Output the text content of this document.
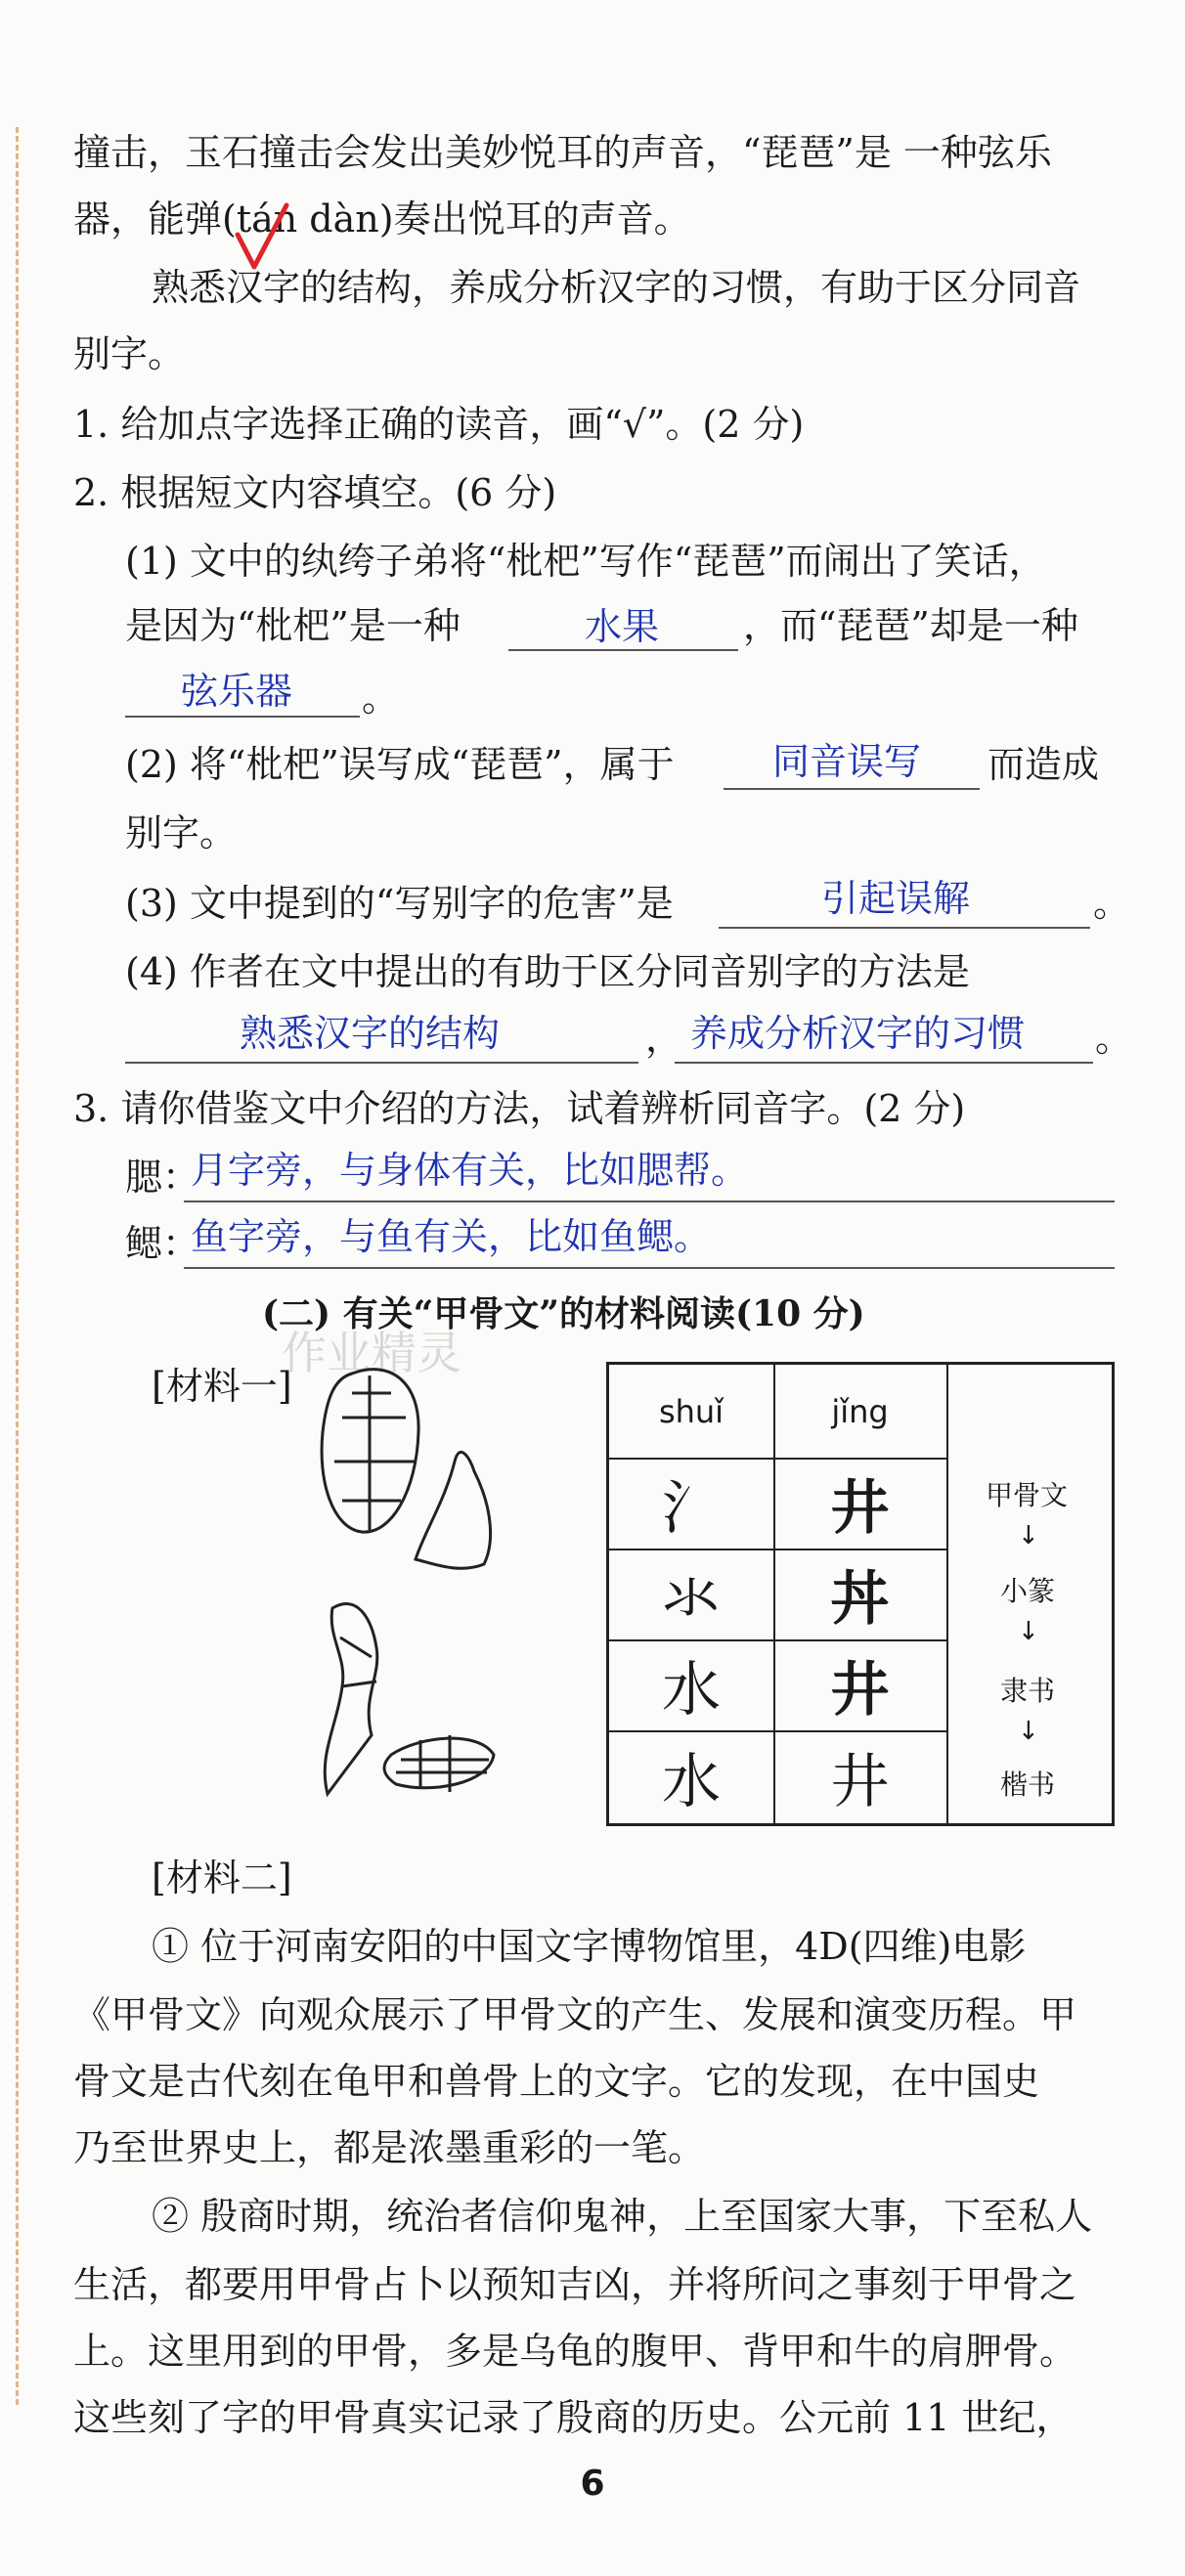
撞击，玉石撞击会发出美妙悦耳的声音，“琵琶”是 一种弦乐
器，能弹(tán dàn)奏出悦耳的声音。
熟悉汉字的结构，养成分析汉字的习惯，有助于区分同音
别字。
1. 给加点字选择正确的读音，画“√”。(2 分)
2. 根据短文内容填空。(6 分)
(1) 文中的纨绔子弟将“枇杷”写作“琵琶”而闹出了笑话，
是因为“枇杷”是一种	水果 ，而“琵琶”却是一种
弦乐器 。
(2) 将“枇杷”误写成“琵琶”，属于	同音误写 而造成
别字。
(3) 文中提到的“写别字的危害”是	引起误解	。
(4) 作者在文中提出的有助于区分同音别字的方法是
熟悉汉字的结构	， 养成分析汉字的习惯 。
3. 请你借鉴文中介绍的方法，试着辨析同音字。(2 分)
腮：
月字旁，与身体有关，比如腮帮。
鳃：
鱼字旁，与鱼有关，比如鱼鳃。
(二) 有关“甲骨文”的材料阅读(10 分)
[材料一]
作业精灵
shuǐ	jǐng
氵	井
氺	丼
水	井
水	井
甲骨文
↓
小篆
↓
隶书
↓
楷书
[材料二]
① 位于河南安阳的中国文字博物馆里，4D(四维)电影
《甲骨文》向观众展示了甲骨文的产生、发展和演变历程。甲
骨文是古代刻在龟甲和兽骨上的文字。它的发现，在中国史
乃至世界史上，都是浓墨重彩的一笔。
② 殷商时期，统治者信仰鬼神，上至国家大事，下至私人
生活，都要用甲骨占卜以预知吉凶，并将所问之事刻于甲骨之
上。这里用到的甲骨，多是乌龟的腹甲、背甲和牛的肩胛骨。
这些刻了字的甲骨真实记录了殷商的历史。公元前 11 世纪，
6
